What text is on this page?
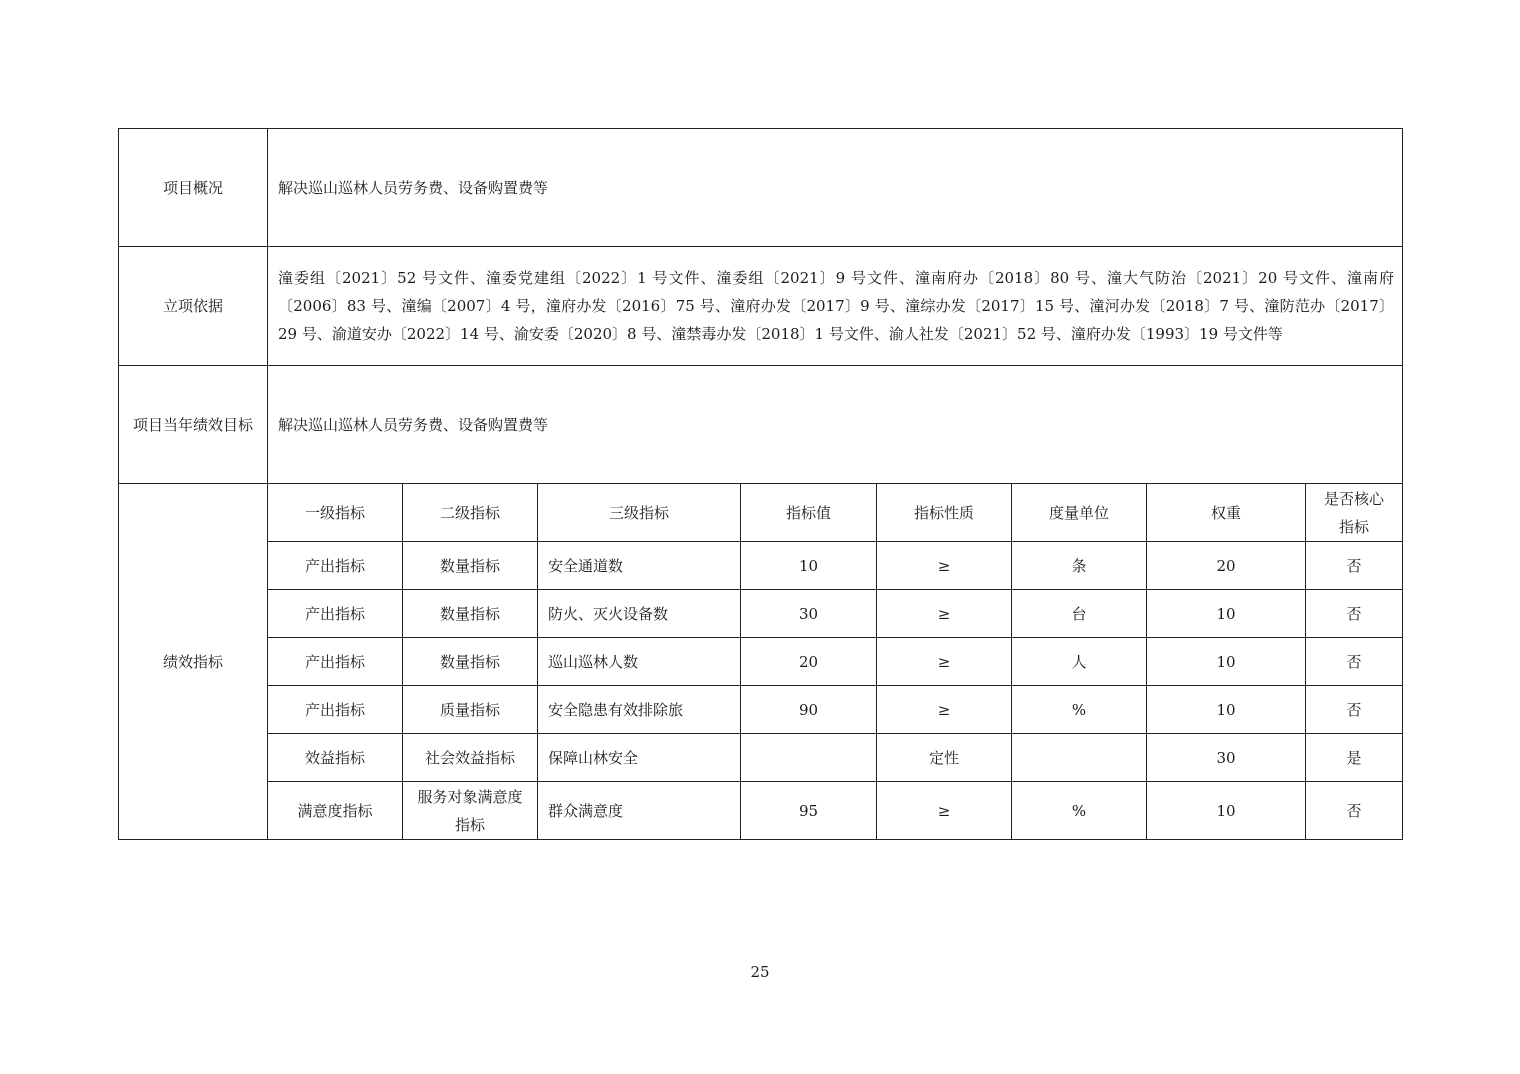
项目概况	解决巡山巡林人员劳务费、设备购置费等							
立项依据	潼委组〔2021〕52 号文件、潼委党建组〔2022〕1 号文件、潼委组〔2021〕9 号文件、潼南府办〔2018〕80 号、潼大气防治〔2021〕20 号文件、潼南府〔2006〕83 号、潼编〔2007〕4 号，潼府办发〔2016〕75 号、潼府办发〔2017〕9 号、潼综办发〔2017〕15 号、潼河办发〔2018〕7 号、潼防范办〔2017〕29 号、渝道安办〔2022〕14 号、渝安委〔2020〕8 号、潼禁毒办发〔2018〕1 号文件、渝人社发〔2021〕52 号、潼府办发〔1993〕19 号文件等							

项目当年绩效目标	解决巡山巡林人员劳务费、设备购置费等							
绩效指标	一级指标	二级指标	三级指标	指标值	指标性质	度量单位	权重	是否核心指标
	产出指标	数量指标	安全通道数	10	≥	条	20	否
	产出指标	数量指标	防火、灭火设备数	30	≥	台	10	否
	产出指标	数量指标	巡山巡林人数	20	≥	人	10	否
	产出指标	质量指标	安全隐患有效排除旅	90	≥	%	10	否
	效益指标	社会效益指标	保障山林安全		定性		30	是
	满意度指标	服务对象满意度指标	群众满意度	95	≥	%	10	否
25
